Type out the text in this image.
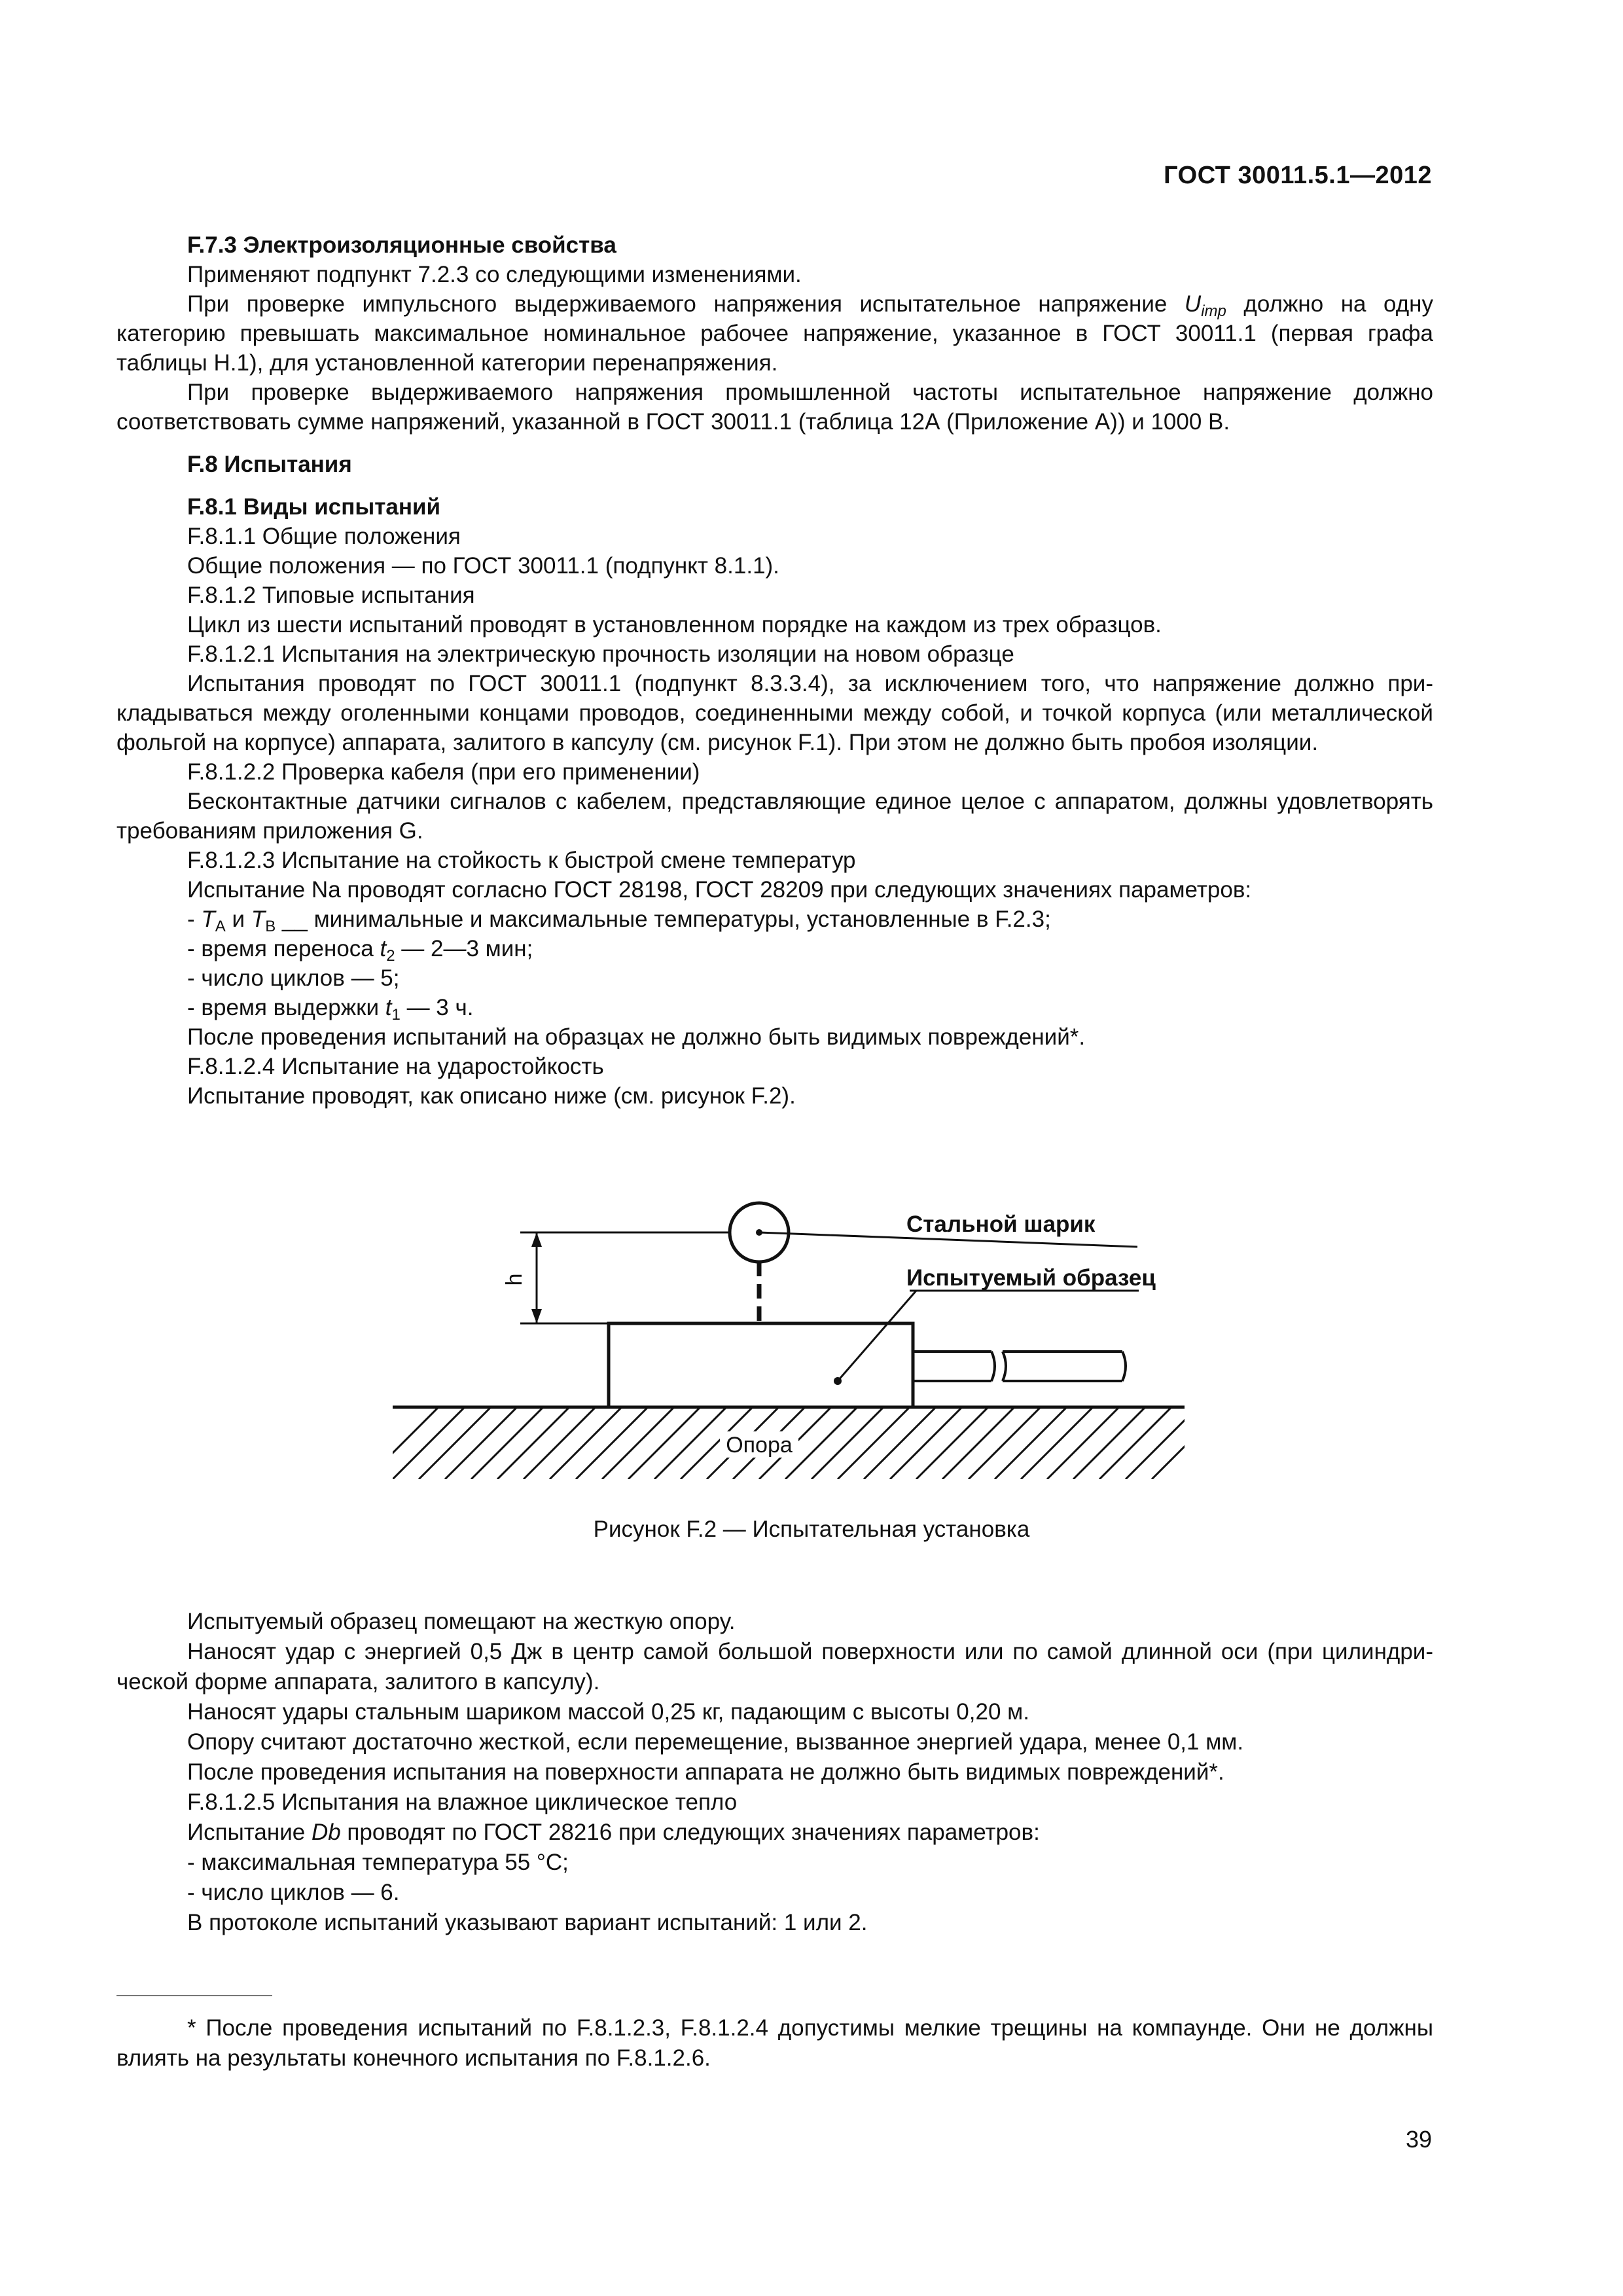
ГОСТ 30011.5.1—2012

F.7.3 Электроизоляционные свойства

Применяют подпункт 7.2.3 со следующими изменениями.

При проверке импульсного выдерживаемого напряжения испытательное напряжение $U_{imp}$ должно на одну категорию превышать максимальное номинальное рабочее напряжение, указанное в ГОСТ 30011.1 (первая графа таблицы Н.1), для установленной категории перенапряжения.

При проверке выдерживаемого напряжения промышленной частоты испытательное напряжение должно соответствовать сумме напряжений, указанной в ГОСТ 30011.1 (таблица 12А (Приложение А)) и 1000 В.

F.8 Испытания

F.8.1 Виды испытаний

F.8.1.1 Общие положения

Общие положения — по ГОСТ 30011.1 (подпункт 8.1.1).

F.8.1.2 Типовые испытания

Цикл из шести испытаний проводят в установленном порядке на каждом из трех образцов.

F.8.1.2.1 Испытания на электрическую прочность изоляции на новом образце

Испытания проводят по ГОСТ 30011.1 (подпункт 8.3.3.4), за исключением того, что напряжение должно прикладываться между оголенными концами проводов, соединенными между собой, и точкой корпуса (или металлической фольгой на корпусе) аппарата, залитого в капсулу (см. рисунок F.1). При этом не должно быть пробоя изоляции.

F.8.1.2.2 Проверка кабеля (при его применении)

Бесконтактные датчики сигналов с кабелем, представляющие единое целое с аппаратом, должны удовлетворять требованиям приложения G.

F.8.1.2.3 Испытание на стойкость к быстрой смене температур

Испытание Na проводят согласно ГОСТ 28198, ГОСТ 28209 при следующих значениях параметров:

- $T_A$ и $T_B$ __ минимальные и максимальные температуры, установленные в F.2.3;

- время переноса $t_2$ — 2—3 мин;

- число циклов — 5;

- время выдержки $t_1$ — 3 ч.

После проведения испытаний на образцах не должно быть видимых повреждений*.

F.8.1.2.4 Испытание на ударостойкость

Испытание проводят, как описано ниже (см. рисунок F.2).

Опора
h
Стальной шарик
Испытуемый образец
Рисунок F.2 — Испытательная установка

Испытуемый образец помещают на жесткую опору.

Наносят удар с энергией 0,5 Дж в центр самой большой поверхности или по самой длинной оси (при цилиндрической форме аппарата, залитого в капсулу).

Наносят удары стальным шариком массой 0,25 кг, падающим с высоты 0,20 м.

Опору считают достаточно жесткой, если перемещение, вызванное энергией удара, менее 0,1 мм.

После проведения испытания на поверхности аппарата не должно быть видимых повреждений*.

F.8.1.2.5 Испытания на влажное циклическое тепло

Испытание Db проводят по ГОСТ 28216 при следующих значениях параметров:

- максимальная температура 55 °С;

- число циклов — 6.

В протоколе испытаний указывают вариант испытаний: 1 или 2.

* После проведения испытаний по F.8.1.2.3, F.8.1.2.4 допустимы мелкие трещины на компаунде. Они не должны влиять на результаты конечного испытания по F.8.1.2.6.
39
